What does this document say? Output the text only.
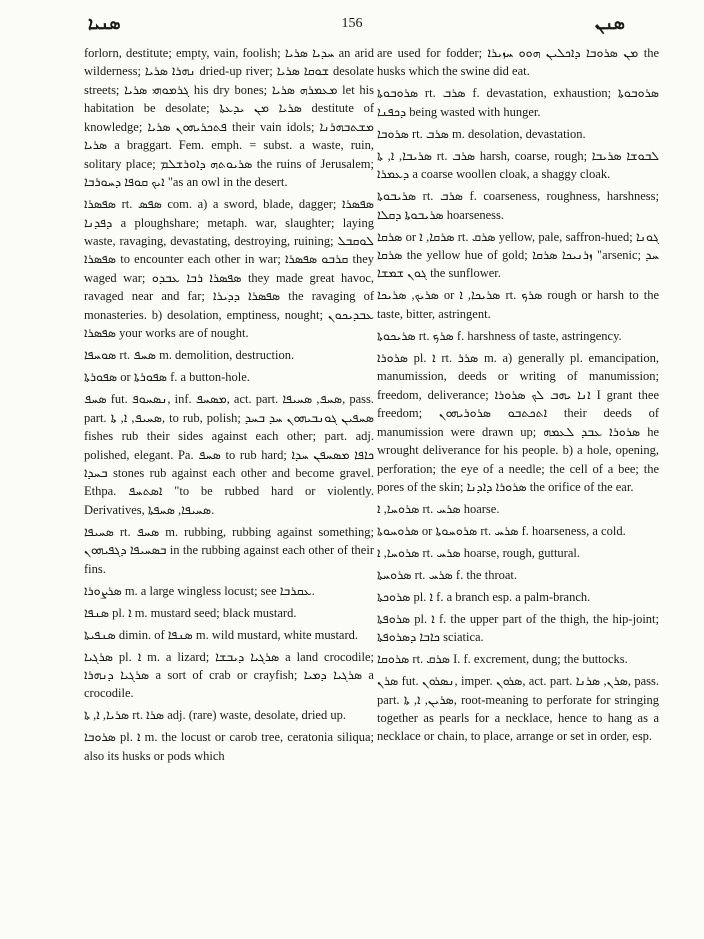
ܣܢܝܐ	156	ܣܢܢ

forlorn, destitute; empty, vain, foolish; ܚܕܝܐ ܣܪܝܐ an arid wilderness; ܢܗܪܐ ܣܪܝܐ dried-up river; ܫܘܩܐ ܣܪܝܐ desolate streets; ܓܪܡܘܗܝ ܣܪܝܐ his dry bones; ܡܥܡܪܗ ܣܪܝܐ let his habitation be desolate; ܣܪܝܐ ܡܢ ܝܕܥܬܐ destitute of knowledge; ܦܬܟܪܝܗܘܢ ܣܪܝܐ their vain idols; ܡܫܬܒܗܪܢܐ ܣܪܝܐ a braggart. Fem. emph. = subst. a waste, ruin, solitary place; ܣܪܝܘܬܗ ܕܐܘܪܫܠܡ the ruins of Jerusalem; ܐܝܟ ܩܘܦܐ ܕܚܘܪܒܐ "as an owl in the desert.

ܣܦܣܪܐ rt. ܣܦܣ com. a) a sword, blade, dagger; ܣܦܣܪܐ ܕܦܕܢܐ a ploughshare; metaph. war, slaughter; laying waste, ravaging, devastating, destroying, ruining; ܠܘܩܒܠ ܣܦܣܪܐ to encounter each other in war; ܩܪܒܘ ܣܦܣܪܐ they waged war; ܣܦܣܪܐ ܪܒܐ ܥܒܕܘ they made great havoc, ravaged near and far; ܣܦܣܪܐ ܕܕܝܪܐ the ravaging of monasteries. b) desolation, emptiness, nought; ܥܒܕܝܟܘܢ ܣܦܣܪܐ your works are of nought.

ܣܘܚܦܐ rt. ܣܚܦ m. demolition, destruction.

ܣܦܘܪܬܐ or ܣܦܘܪܬܐ f. a button-hole.

ܣܚܦ fut. ܢܣܚܘܦ, inf. ܡܣܚܦ, act. part. ܣܚܦ, ܣܚܝܦܐ, pass. part. ܣܚܝܦ, ܐ, ܬܐ, to rub, polish; ܣܚܦܝܢ ܓܘܢܒܝܗܘܢ ܚܕ ܒܚܕ fishes rub their sides against each other; part. adj. polished, elegant. Pa. ܣܚܦ to rub hard; ܟܐܦܐ ܡܣܚܦܢ ܚܕܐ ܒܚܕܐ stones rub against each other and become gravel. Ethpa. ܐܣܬܚܦ "to be rubbed hard or violently. Derivatives, ܣܚܝܦܐ, ܣܚܦܬܐ.

ܣܚܝܦܐ rt. ܣܚܦ m. rubbing, rubbing against something; ܒܣܚܝܦܐ ܕܓܦܝܗܘܢ in the rubbing against each other of their fins.

ܣܪܨܘܪܐ m. a large wingless locust; see ܥܩܪܒܐ.

ܣܢܦܐ pl. ܐ m. mustard seed; black mustard.

ܣܢܦܝܬܐ dimin. of ܣܢܦܐ m. wild mustard, white mustard.

ܣܪܓܝܐ pl. ܐ m. a lizard; ܣܪܓܝܐ ܕܝܒܫܐ a land crocodile; ܣܪܓܝܐ ܕܢܗܪܐ a sort of crab or crayfish; ܣܪܓܝܐ ܕܡܝܐ a crocodile.

ܣܪܝܐ, ܐ, ܬܐ rt. ܣܪܐ adj. (rare) waste, desolate, dried up.

ܣܪܘܒܐ pl. ܐ m. the locust or carob tree, ceratonia siliqua; also its husks or pods which

are used for fodder; ܡܢ ܣܪܘܒܐ ܕܐܟܠܝܢ ܗܘܘ ܚܙܝܪܐ the husks which the swine did eat.

ܣܪܘܒܘܬܐ rt. ܣܪܒ f. devastation, exhaustion; ܣܪܘܒܘܬܐ ܕܟܦܢܐ being wasted with hunger.

ܣܪܘܒܐ rt. ܣܪܒ m. desolation, devastation.

ܣܪܝܒܐ, ܐ, ܬܐ rt. ܣܪܒ harsh, coarse, rough; ܠܒܘܫܐ ܣܪܝܒܐ ܕܥܡܪܐ a coarse woollen cloak, a shaggy cloak.

ܣܪܝܒܘܬܐ rt. ܣܪܒ f. coarseness, roughness, harshness; ܣܪܝܒܘܬܐ ܕܩܠܐ hoarseness.

ܣܪܩܐ or ܣܪܩܐ, ܐ rt. ܣܪܩ yellow, pale, saffron-hued; ܓܘܢܐ ܣܪܩܐ the yellow hue of gold; ܙܪܢܝܟܐ ܣܪܩܐ "arsenic; ܚܕ ܓܘܢ ܫܡܫܐ the sunflower.

ܣܪܝܟ, ܣܪܝܟܐ or ܣܪܝܟܐ, ܐ rt. ܣܪܟ rough or harsh to the taste, bitter, astringent.

ܣܪܝܟܘܬܐ rt. ܣܪܟ f. harshness of taste, astringency.

ܣܪܘܪܐ pl. ܐ rt. ܣܪܪ m. a) generally pl. emancipation, manumission, deeds or writing of manumission; freedom, deliverance; ܐܢܐ ܝܗܒ ܠܟ ܣܪܘܪܐ I grant thee freedom; ܐܬܟܬܒܘ ܣܪܘܪܝܗܘܢ their deeds of manumission were drawn up; ܣܪܘܪܐ ܥܒܕ ܠܥܡܗ he wrought deliverance for his people. b) a hole, opening, perforation; the eye of a needle; the cell of a bee; the pores of the skin; ܣܪܘܪܐ ܕܐܕܢܐ the orifice of the ear.

ܣܪܘܚܐ, ܐ rt. ܣܪܚ hoarse.

ܣܪܘܚܘܬܐ or ܣܪܘܚܘܬܐ rt. ܣܪܚ f. hoarseness, a cold.

ܣܪܘܚܐ, ܐ rt. ܣܪܚ hoarse, rough, guttural.

ܣܪܘܚܬܐ rt. ܣܪܚ f. the throat.

ܣܪܘܟܬܐ pl. ܐ f. a branch esp. a palm-branch.

ܣܪܘܦܬܐ pl. ܐ f. the upper part of the thigh, the hip-joint; ܟܐܒܐ ܕܣܪܘܦܬܐ sciatica.

ܣܪܘܩܐ rt. ܣܪܩ I. f. excrement, dung; the buttocks.

ܣܪܢ fut. ܢܣܪܘܢ, imper. ܣܪܘܢ, act. part. ܣܪܢ, ܣܪܢܐ, pass. part. ܣܪܝܢ, ܐ, ܬܐ, root-meaning to perforate for stringing together as pearls for a necklace, hence to hang as a necklace or chain, to place, arrange or set in order, esp.
